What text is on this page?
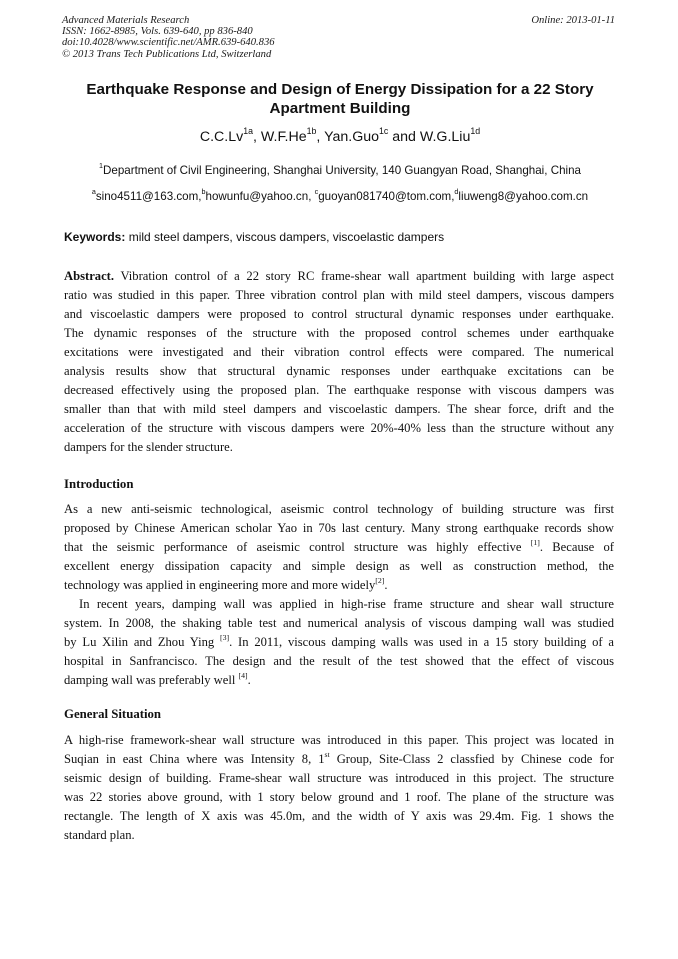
Advanced Materials Research
ISSN: 1662-8985, Vols. 639-640, pp 836-840
doi:10.4028/www.scientific.net/AMR.639-640.836
© 2013 Trans Tech Publications Ltd, Switzerland
Online: 2013-01-11
Earthquake Response and Design of Energy Dissipation for a 22 Story
Apartment Building
$C.C.Lv^{1a}$, $W.F.He^{1b}$, Yan.Guo$^{1c}$ and W.G.Liu$^{1d}$
$^1$Department of Civil Engineering, Shanghai University, 140 Guangyan Road, Shanghai, China
$^a$sino4511@163.com,$^b$howunfu@yahoo.cn, $^c$guoyan081740@tom.com,$^d$liuweng8@yahoo.com.cn
Keywords: mild steel dampers, viscous dampers, viscoelastic dampers
Abstract. Vibration control of a 22 story RC frame-shear wall apartment building with large aspect
ratio was studied in this paper. Three vibration control plan with mild steel dampers, viscous dampers
and viscoelastic dampers were proposed to control structural dynamic responses under earthquake.
The dynamic responses of the structure with the proposed control schemes under earthquake
excitations were investigated and their vibration control effects were compared. The numerical
analysis results show that structural dynamic responses under earthquake excitations can be
decreased effectively using the proposed plan. The earthquake response with viscous dampers was
smaller than that with mild steel dampers and viscoelastic dampers. The shear force, drift and the
acceleration of the structure with viscous dampers were 20%-40% less than the structure without any
dampers for the slender structure.
Introduction
As a new anti-seismic technological, aseismic control technology of building structure was first
proposed by Chinese American scholar Yao in 70s last century. Many strong earthquake records show
that the seismic performance of aseismic control structure was highly effective [1]. Because of
excellent energy dissipation capacity and simple design as well as construction method, the
technology was applied in engineering more and more widely[2].
In recent years, damping wall was applied in high-rise frame structure and shear wall structure
system. In 2008, the shaking table test and numerical analysis of viscous damping wall was studied
by Lu Xilin and Zhou Ying [3]. In 2011, viscous damping walls was used in a 15 story building of a
hospital in Sanfrancisco. The design and the result of the test showed that the effect of viscous
damping wall was preferably well [4].
General Situation
A high-rise framework-shear wall structure was introduced in this paper. This project was located in
Suqian in east China where was Intensity 8, 1st Group, Site-Class 2 classfied by Chinese code for
seismic design of building. Frame-shear wall structure was introduced in this project. The structure
was 22 stories above ground, with 1 story below ground and 1 roof. The plane of the structure was
rectangle. The length of X axis was 45.0m, and the width of Y axis was 29.4m. Fig. 1 shows the
standard plan.
